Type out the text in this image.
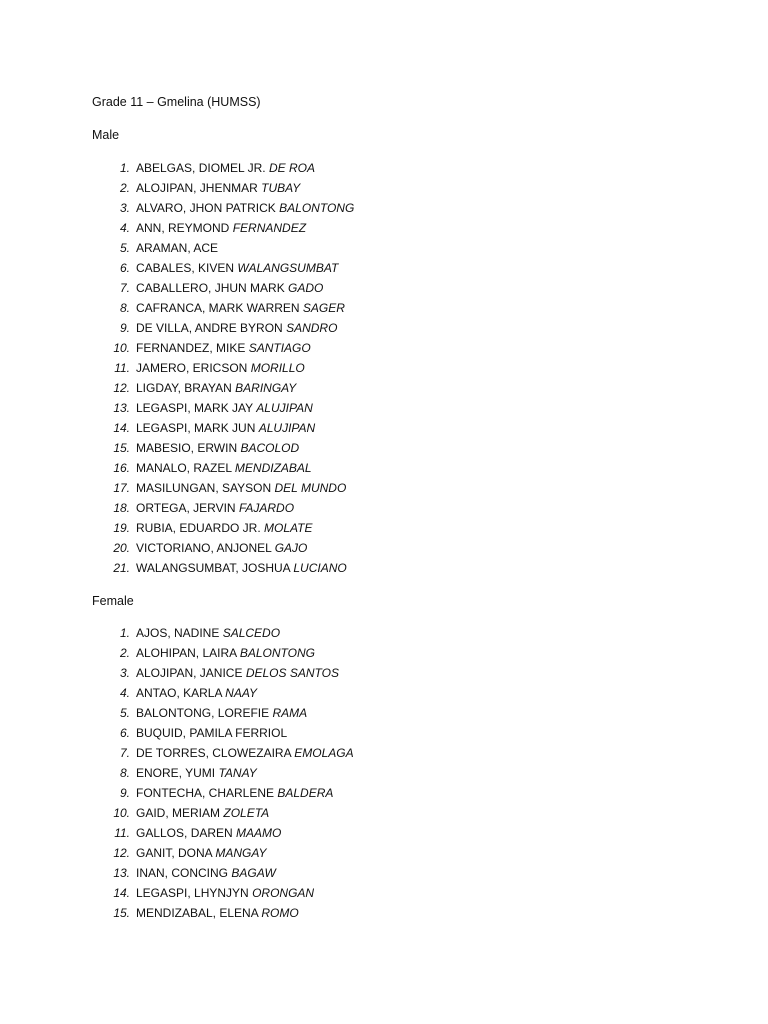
Grade 11 – Gmelina (HUMSS)
Male
1. ABELGAS, DIOMEL JR. DE ROA
2. ALOJIPAN, JHENMAR TUBAY
3. ALVARO, JHON PATRICK BALONTONG
4. ANN, REYMOND FERNANDEZ
5. ARAMAN, ACE
6. CABALES, KIVEN WALANGSUMBAT
7. CABALLERO, JHUN MARK GADO
8. CAFRANCA, MARK WARREN SAGER
9. DE VILLA, ANDRE BYRON SANDRO
10. FERNANDEZ, MIKE SANTIAGO
11. JAMERO, ERICSON MORILLO
12. LIGDAY, BRAYAN BARINGAY
13. LEGASPI, MARK JAY ALUJIPAN
14. LEGASPI, MARK JUN ALUJIPAN
15. MABESIO, ERWIN BACOLOD
16. MANALO, RAZEL MENDIZABAL
17. MASILUNGAN, SAYSON DEL MUNDO
18. ORTEGA, JERVIN FAJARDO
19. RUBIA, EDUARDO JR. MOLATE
20. VICTORIANO, ANJONEL GAJO
21. WALANGSUMBAT, JOSHUA LUCIANO
Female
1. AJOS, NADINE SALCEDO
2. ALOHIPAN, LAIRA BALONTONG
3. ALOJIPAN, JANICE DELOS SANTOS
4. ANTAO, KARLA NAAY
5. BALONTONG, LOREFIE RAMA
6. BUQUID, PAMILA FERRIOL
7. DE TORRES, CLOWEZAIRA EMOLAGA
8. ENORE, YUMI TANAY
9. FONTECHA, CHARLENE BALDERA
10. GAID, MERIAM ZOLETA
11. GALLOS, DAREN MAAMO
12. GANIT, DONA MANGAY
13. INAN, CONCING BAGAW
14. LEGASPI, LHYNJYN ORONGAN
15. MENDIZABAL, ELENA ROMO
